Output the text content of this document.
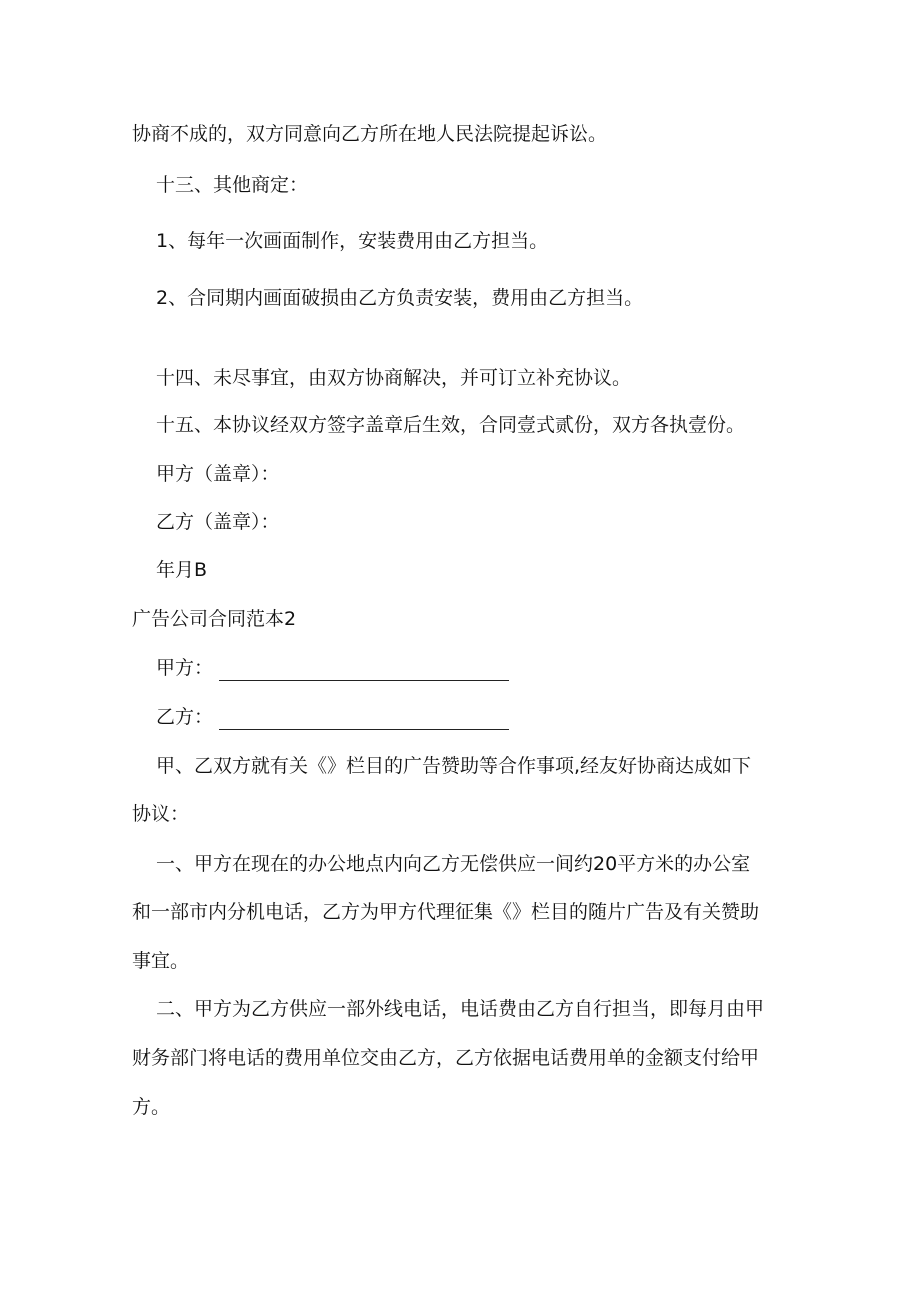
协商不成的，双方同意向乙方所在地人民法院提起诉讼。
十三、其他商定：
1、每年一次画面制作，安装费用由乙方担当。
2、合同期内画面破损由乙方负责安装，费用由乙方担当。
十四、未尽事宜，由双方协商解决，并可订立补充协议。
十五、本协议经双方签字盖章后生效，合同壹式贰份，双方各执壹份。
甲方（盖章）：
乙方（盖章）：
年月B
广告公司合同范本2
甲方：
乙方：
甲、乙双方就有关《》栏目的广告赞助等合作事项,经友好协商达成如下
协议：
一、甲方在现在的办公地点内向乙方无偿供应一间约20平方米的办公室
和一部市内分机电话，乙方为甲方代理征集《》栏目的随片广告及有关赞助
事宜。
二、甲方为乙方供应一部外线电话，电话费由乙方自行担当，即每月由甲
财务部门将电话的费用单位交由乙方，乙方依据电话费用单的金额支付给甲
方。
